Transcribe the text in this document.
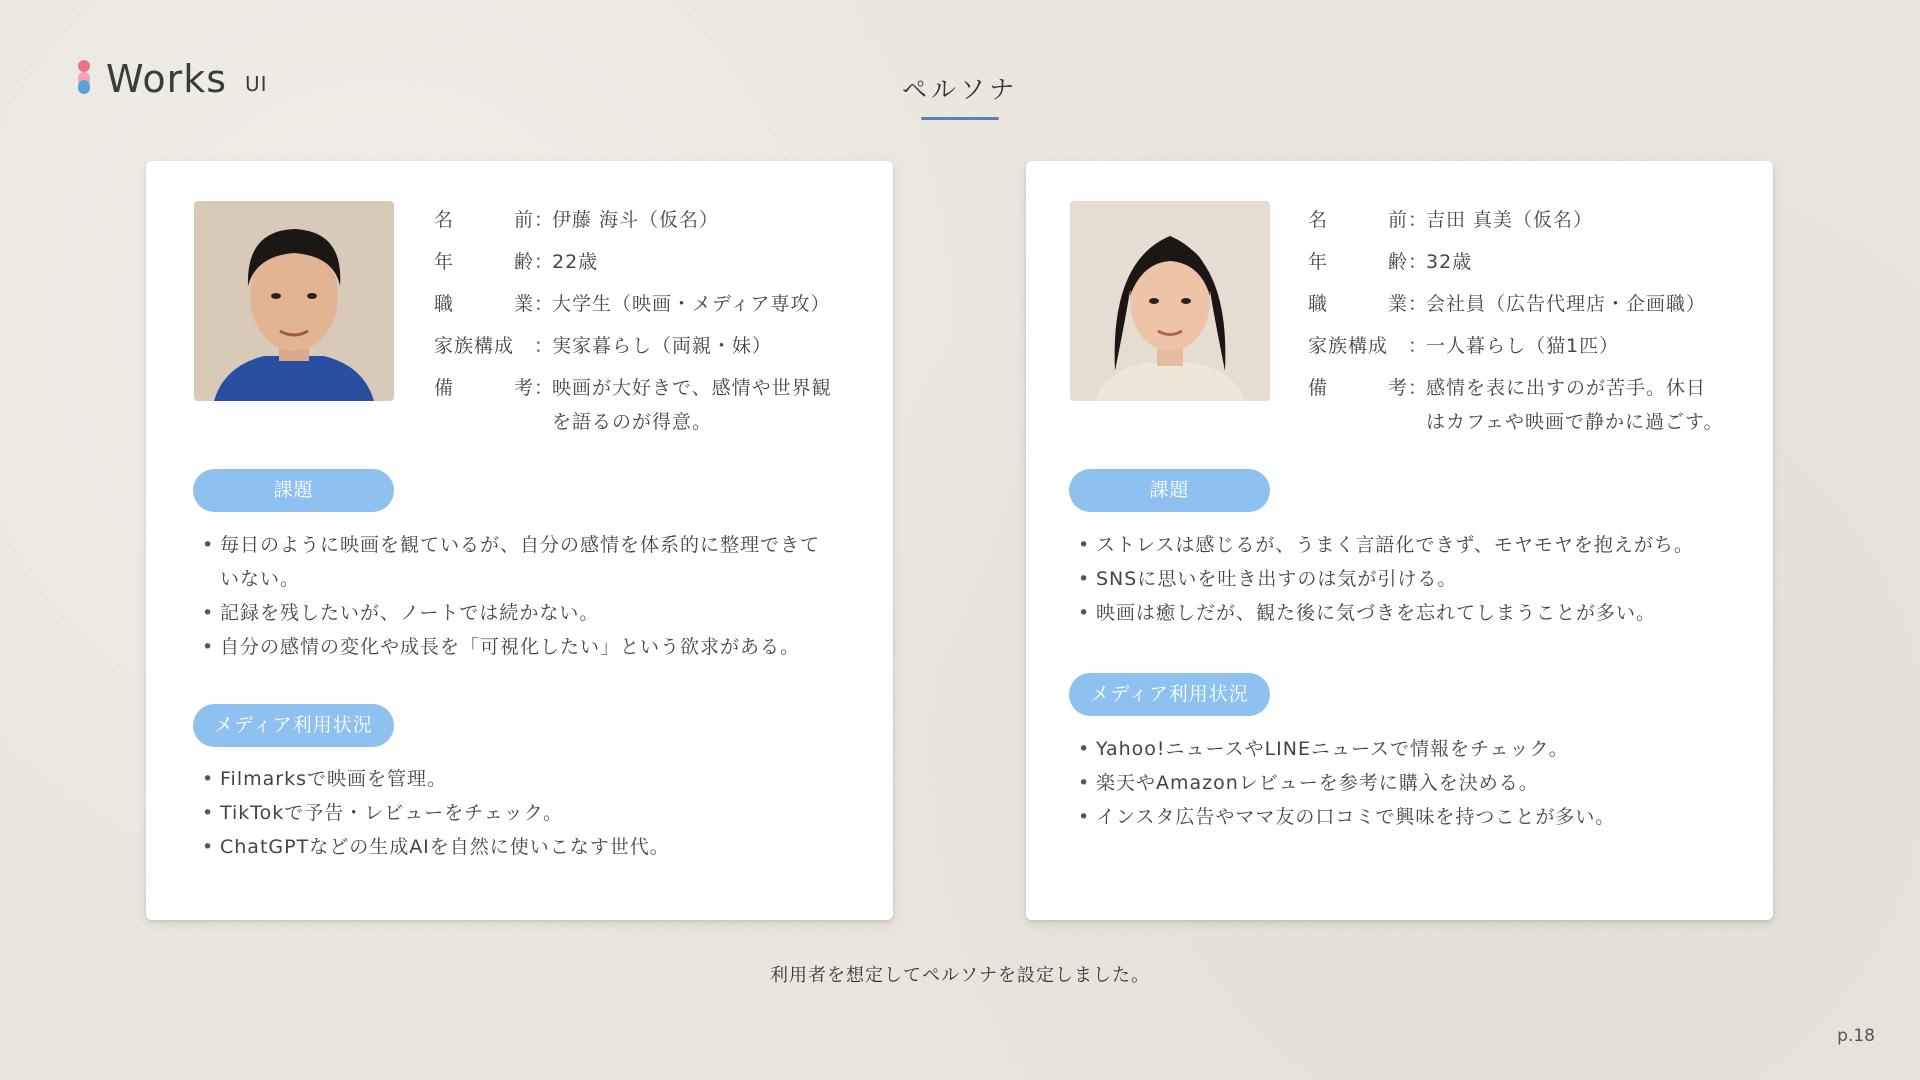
Works UI	ペルソナ
名	前 ：
伊藤 海斗（仮名）
年	齢 ：
22歳
職	業 ：
大学生（映画・メディア専攻）
家族構成	：
実家暮らし（両親・妹）
備	考 ：
映画が大好きで、感情や世界観
を語るのが得意。
課題
• 毎日のように映画を観ているが、自分の感情を体系的に整理できて
いない。
• 記録を残したいが、ノートでは続かない。
• 自分の感情の変化や成長を「可視化したい」という欲求がある。
メディア利用状況
• Filmarksで映画を管理。
• TikTokで予告・レビューをチェック。
• ChatGPTなどの生成AIを自然に使いこなす世代。
名	前 ：
吉田 真美（仮名）
年	齢 ：
32歳
職	業 ：
会社員（広告代理店・企画職）
家族構成	：
一人暮らし（猫1匹）
備	考 ：
感情を表に出すのが苦手。休日
はカフェや映画で静かに過ごす。
課題
• ストレスは感じるが、うまく言語化できず、モヤモヤを抱えがち。
• SNSに思いを吐き出すのは気が引ける。
• 映画は癒しだが、観た後に気づきを忘れてしまうことが多い。
メディア利用状況
• Yahoo!ニュースやLINEニュースで情報をチェック。
• 楽天やAmazonレビューを参考に購入を決める。
• インスタ広告やママ友の口コミで興味を持つことが多い。
利用者を想定してペルソナを設定しました。
p.18
